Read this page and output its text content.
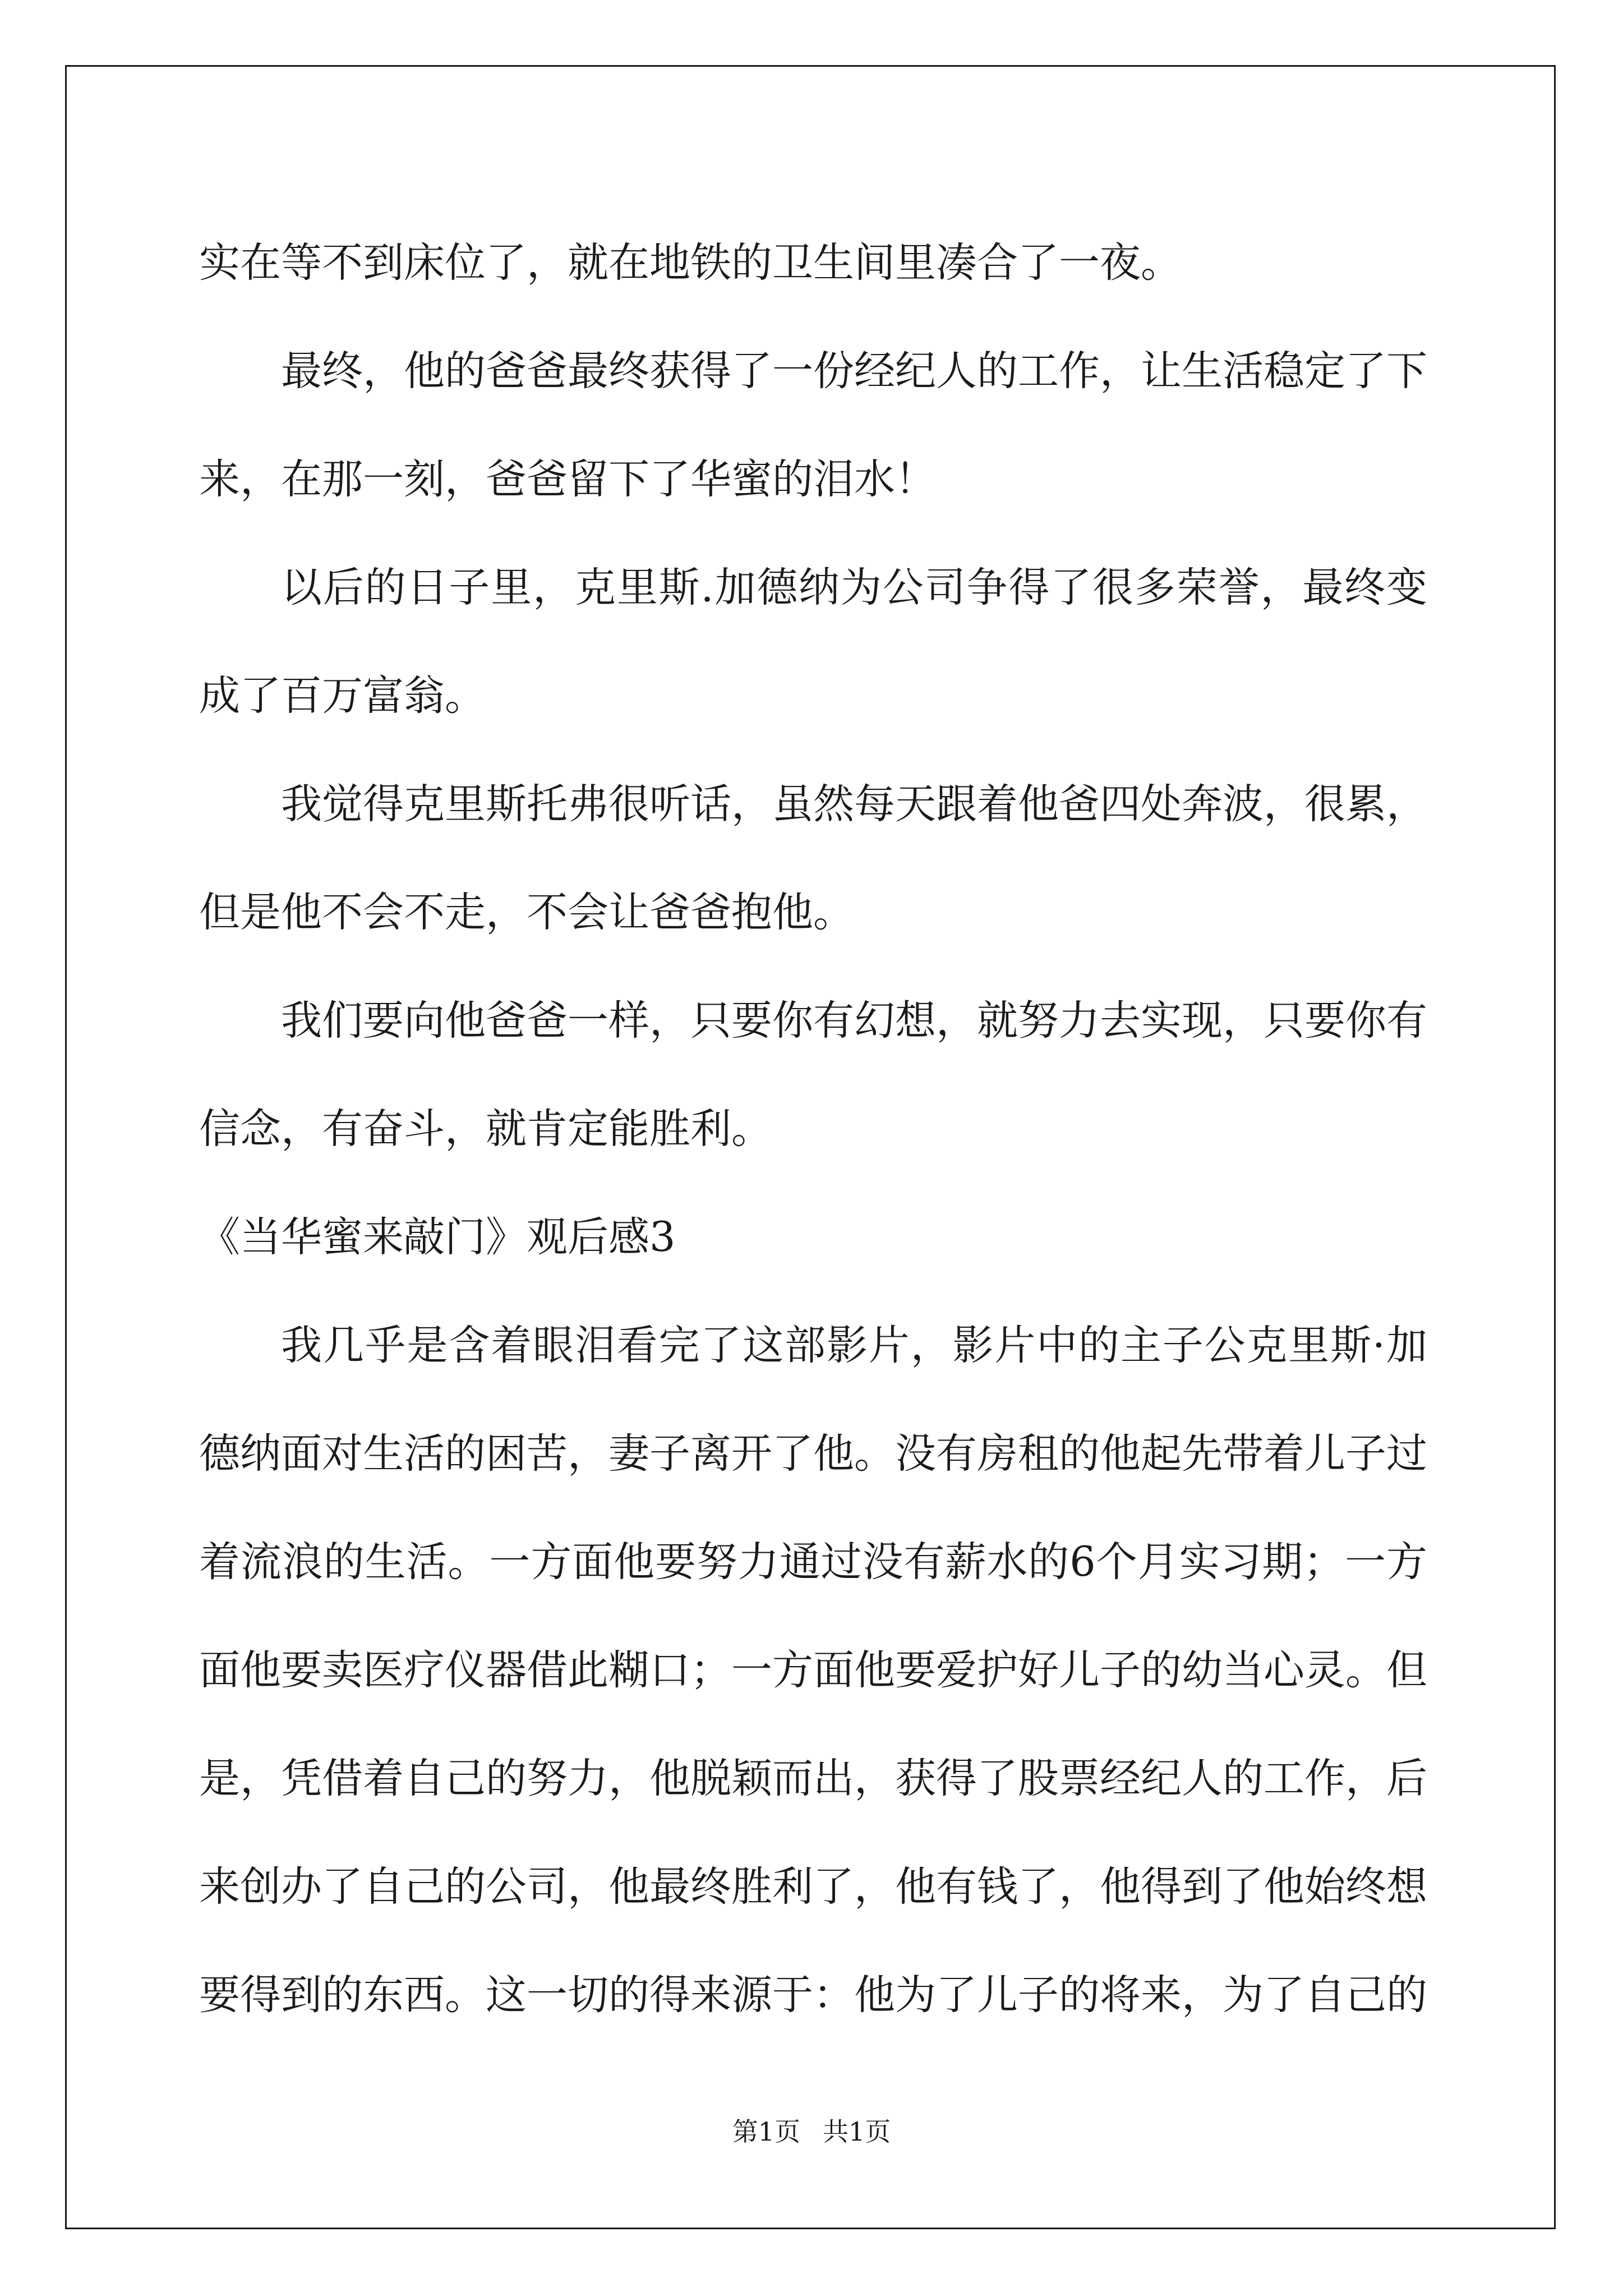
实在等不到床位了，就在地铁的卫生间里凑合了一夜。

最终，他的爸爸最终获得了一份经纪人的工作，让生活稳定了下来，在那一刻，爸爸留下了华蜜的泪水！

以后的日子里，克里斯.加德纳为公司争得了很多荣誉，最终变成了百万富翁。

我觉得克里斯托弗很听话，虽然每天跟着他爸四处奔波，很累，但是他不会不走，不会让爸爸抱他。

我们要向他爸爸一样，只要你有幻想，就努力去实现，只要你有信念，有奋斗，就肯定能胜利。

《当华蜜来敲门》观后感3

我几乎是含着眼泪看完了这部影片，影片中的主子公克里斯·加德纳面对生活的困苦，妻子离开了他。没有房租的他起先带着儿子过着流浪的生活。一方面他要努力通过没有薪水的6个月实习期；一方面他要卖医疗仪器借此糊口；一方面他要爱护好儿子的幼当心灵。但是，凭借着自己的努力，他脱颖而出，获得了股票经纪人的工作，后来创办了自己的公司，他最终胜利了，他有钱了，他得到了他始终想要得到的东西。这一切的得来源于：他为了儿子的将来，为了自己的

第1页 共1页
